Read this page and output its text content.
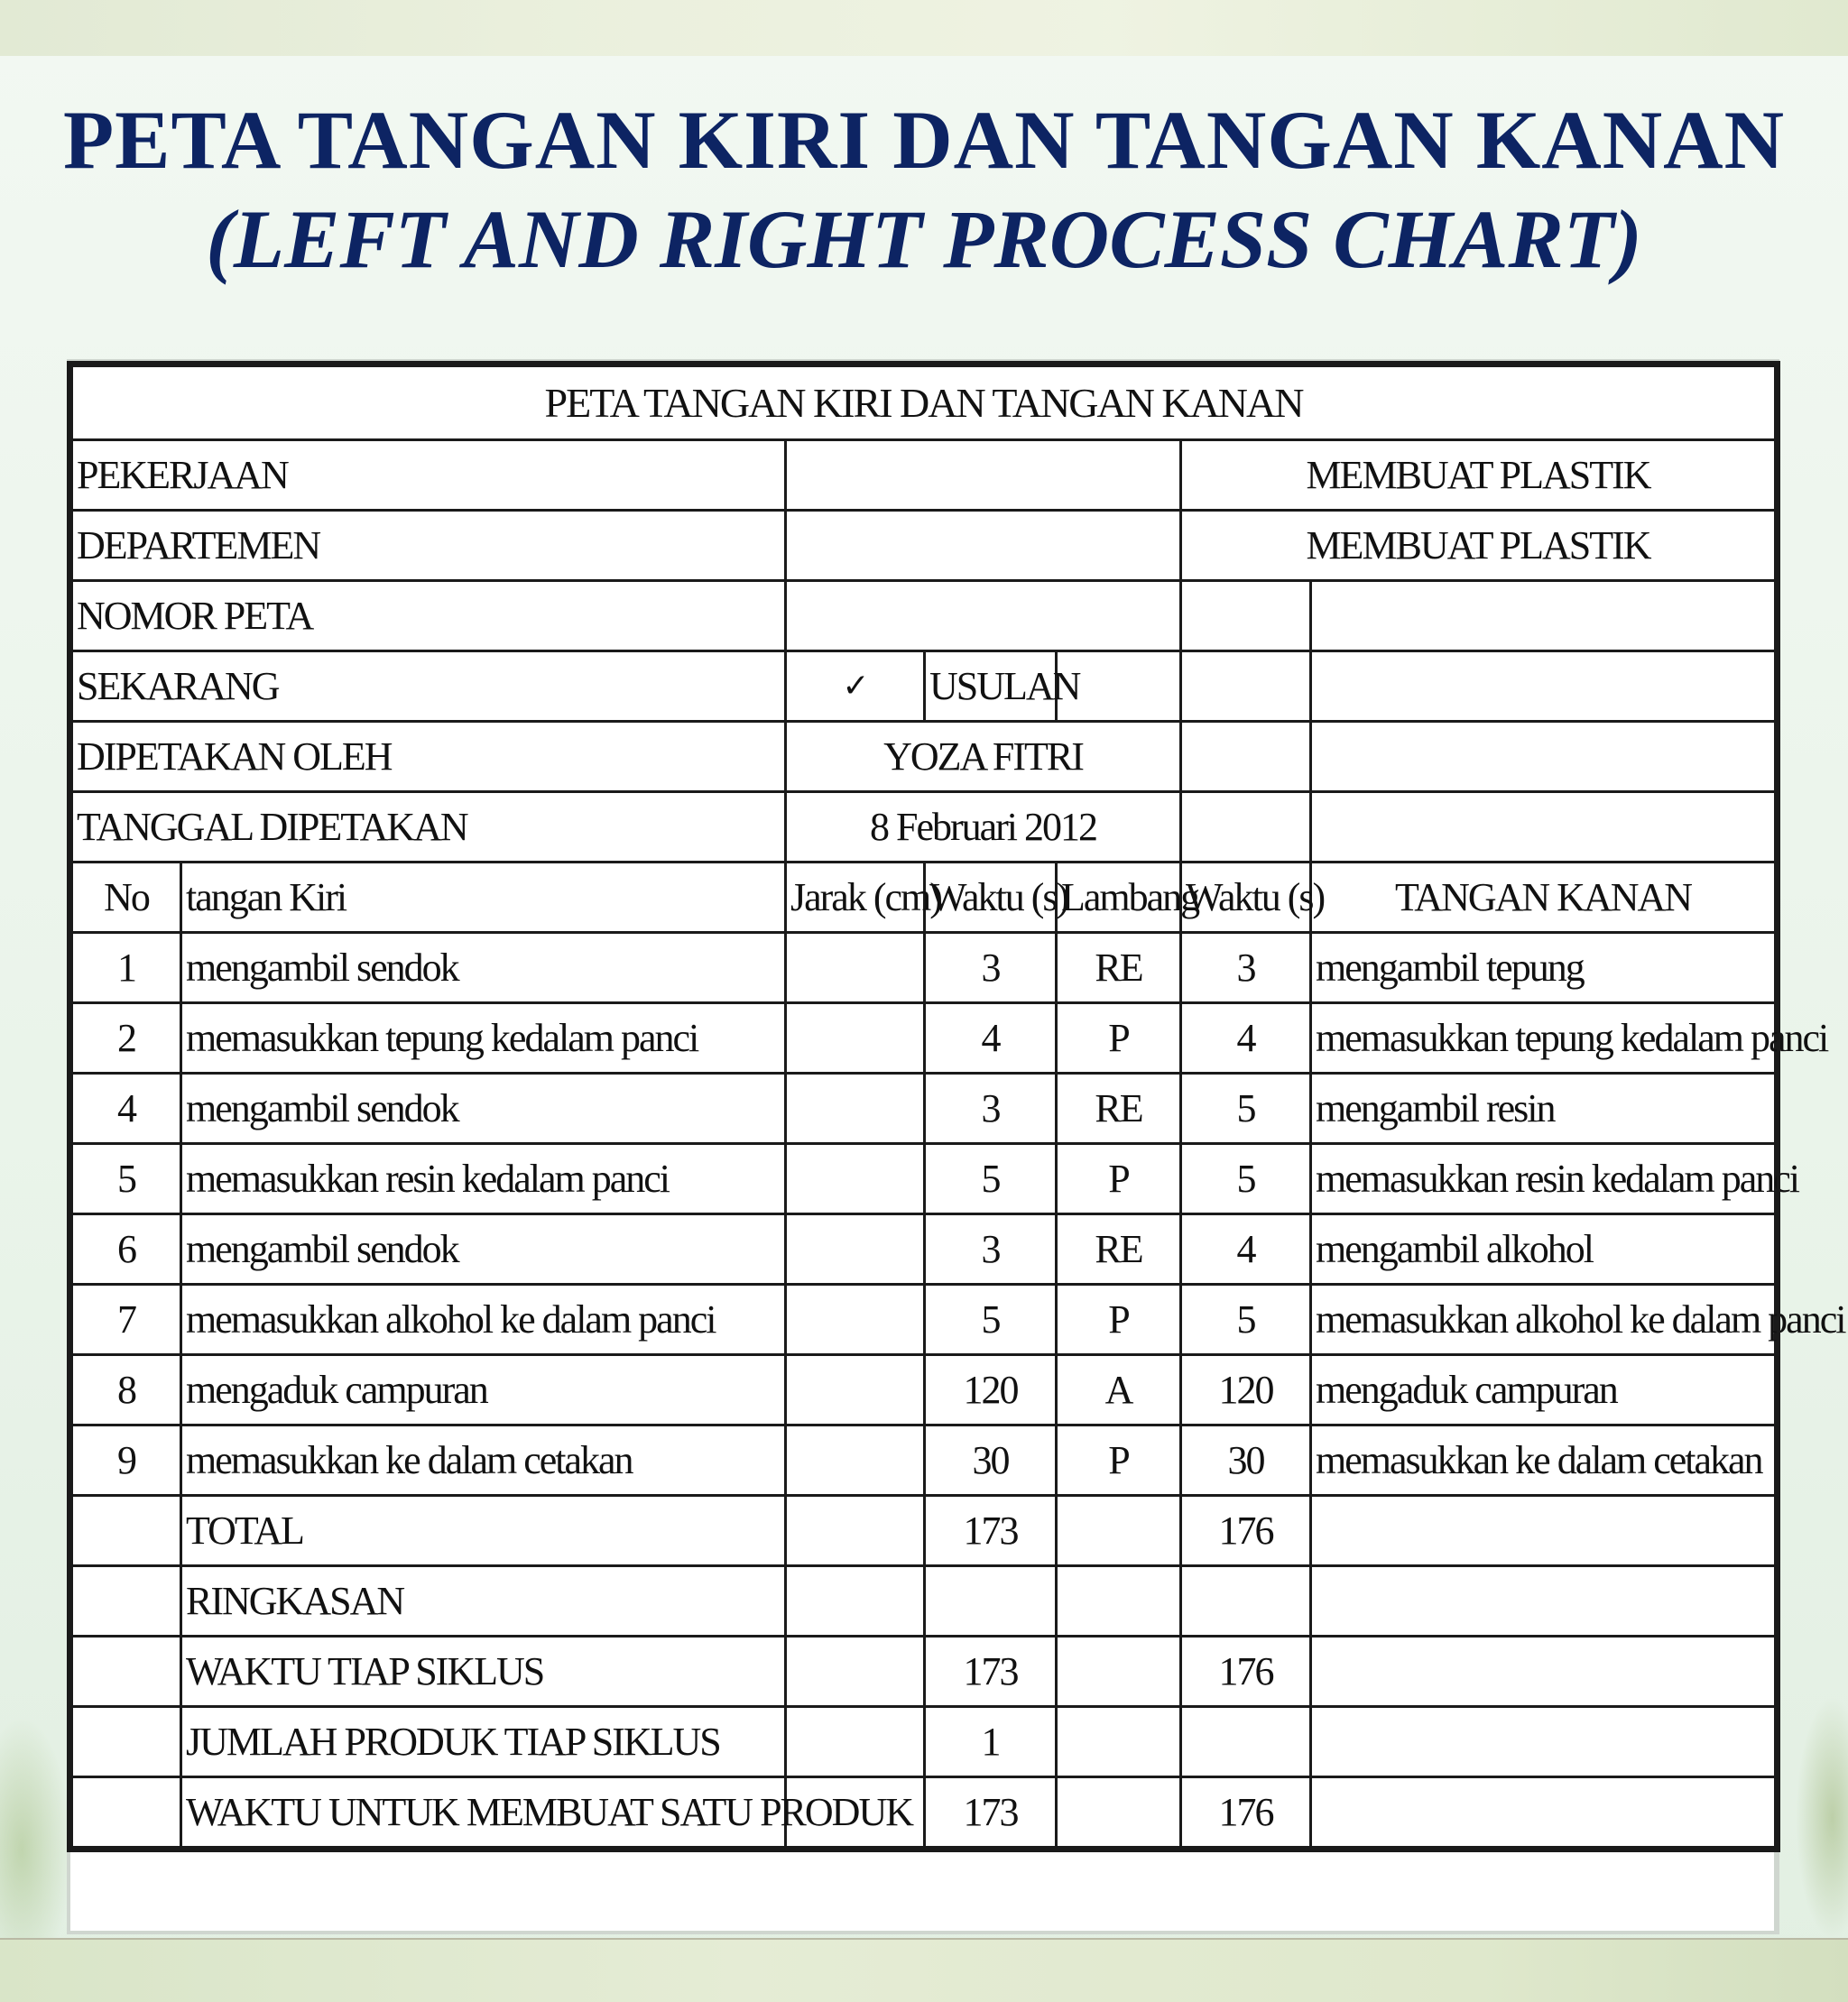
PETA TANGAN KIRI DAN TANGAN KANAN
(LEFT AND RIGHT PROCESS CHART)
PETA TANGAN KIRI DAN TANGAN KANAN						
PEKERJAAN					MEMBUAT PLASTIK	
DEPARTEMEN					MEMBUAT PLASTIK	
NOMOR PETA						
SEKARANG		✓	USULAN			
DIPETAKAN OLEH		YOZA FITRI				
TANGGAL DIPETAKAN		8 Februari 2012				
No	tangan Kiri	Jarak (cm)	Waktu (s)	Lambang	Waktu (s)	TANGAN KANAN
1	mengambil sendok		3	RE	3	mengambil tepung
2	memasukkan tepung kedalam panci		4	P	4	memasukkan tepung kedalam panci
4	mengambil sendok		3	RE	5	mengambil resin
5	memasukkan resin kedalam panci		5	P	5	memasukkan resin kedalam panci
6	mengambil sendok		3	RE	4	mengambil alkohol
7	memasukkan alkohol ke dalam panci		5	P	5	memasukkan alkohol ke dalam panci
8	mengaduk campuran		120	A	120	mengaduk campuran
9	memasukkan ke dalam cetakan		30	P	30	memasukkan ke dalam cetakan
	TOTAL		173		176	
	RINGKASAN					
	WAKTU TIAP SIKLUS		173		176	
	JUMLAH PRODUK TIAP SIKLUS		1			
	WAKTU UNTUK MEMBUAT SATU PRODUK		173		176	
